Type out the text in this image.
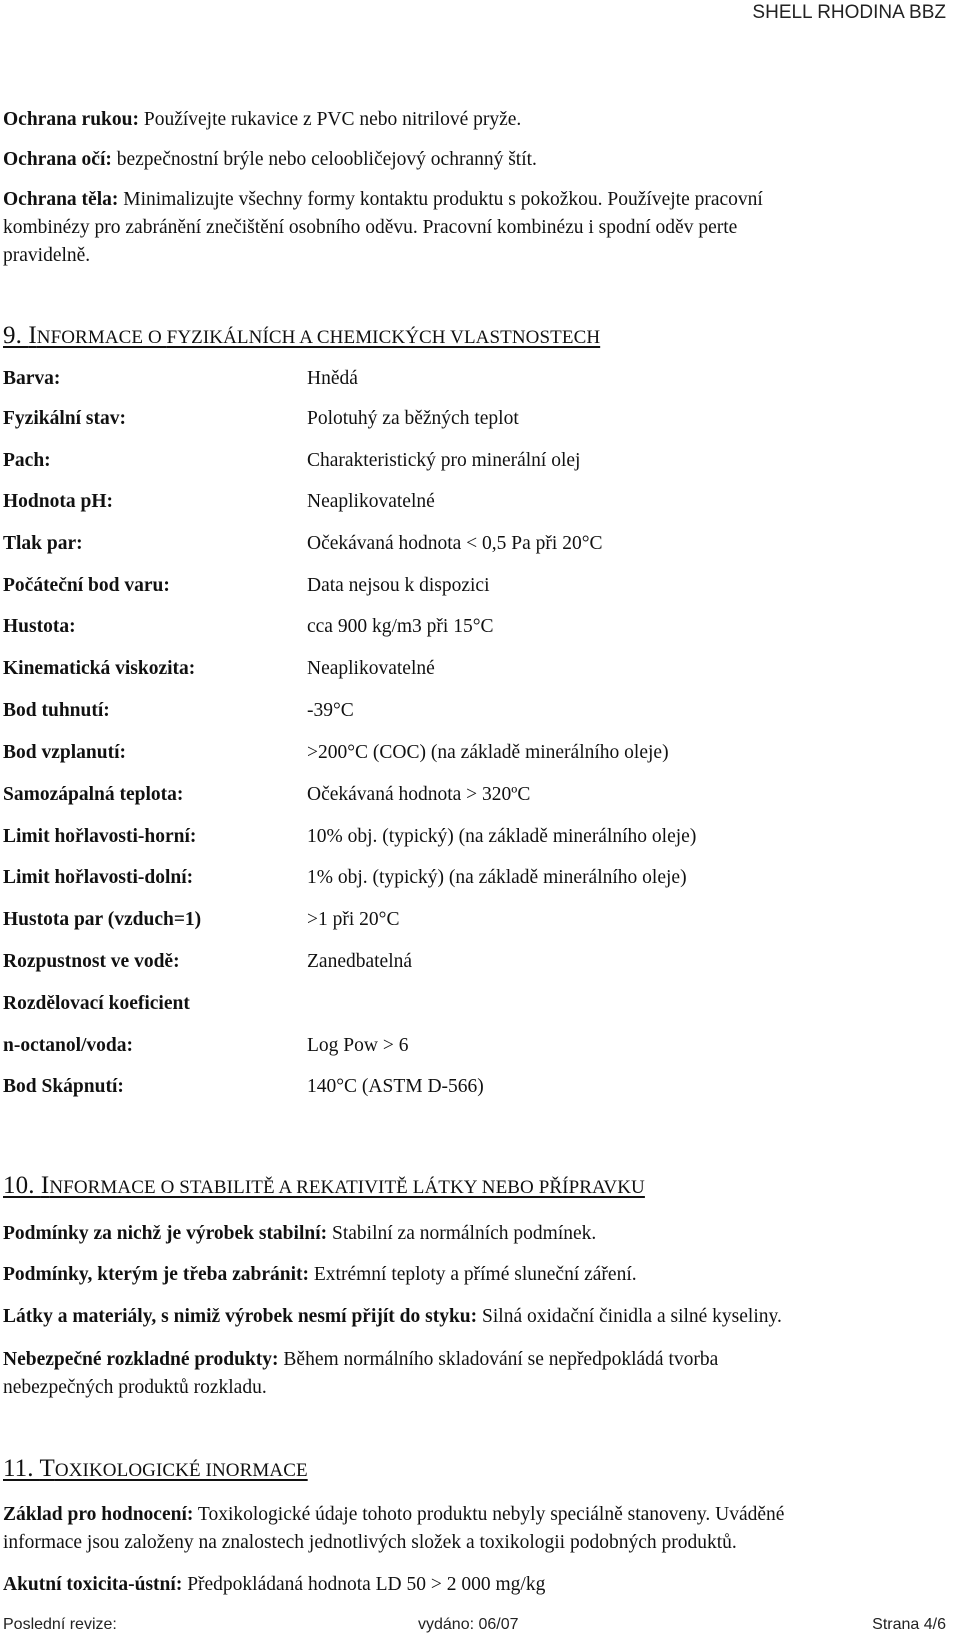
SHELL RHODINA BBZ
Ochrana rukou: Používejte rukavice z PVC nebo nitrilové pryže.
Ochrana očí: bezpečnostní brýle nebo celoobličejový ochranný štít.
Ochrana těla: Minimalizujte všechny formy kontaktu produktu s pokožkou. Používejte pracovní
kombinézy pro zabránění znečištění osobního oděvu. Pracovní kombinézu i spodní oděv perte
pravidelně.
9. INFORMACE O FYZIKÁLNÍCH A CHEMICKÝCH VLASTNOSTECH
Barva:	Hnědá
Fyzikální stav:	Polotuhý za běžných teplot
Pach:	Charakteristický pro minerální olej
Hodnota pH:	Neaplikovatelné
Tlak par:	Očekávaná hodnota < 0,5 Pa při 20°C
Počáteční bod varu:	Data nejsou k dispozici
Hustota:	cca 900 kg/m3 při 15°C
Kinematická viskozita:	Neaplikovatelné
Bod tuhnutí:	-39°C
Bod vzplanutí:	>200°C (COC) (na základě minerálního oleje)
Samozápalná teplota:	Očekávaná hodnota > 320ºC
Limit hořlavosti-horní:	10% obj. (typický) (na základě minerálního oleje)
Limit hořlavosti-dolní:	1% obj. (typický) (na základě minerálního oleje)
Hustota par (vzduch=1)	>1 při 20°C
Rozpustnost ve vodě:	Zanedbatelná
Rozdělovací koeficient
n-octanol/voda:	Log Pow > 6
Bod Skápnutí:	140°C (ASTM D-566)
10. INFORMACE O STABILITĚ A REKATIVITĚ LÁTKY NEBO PŘÍPRAVKU
Podmínky za nichž je výrobek stabilní: Stabilní za normálních podmínek.
Podmínky, kterým je třeba zabránit: Extrémní teploty a přímé sluneční záření.
Látky a materiály, s nimiž výrobek nesmí přijít do styku: Silná oxidační činidla a silné kyseliny.
Nebezpečné rozkladné produkty: Během normálního skladování se nepředpokládá tvorba
nebezpečných produktů rozkladu.
11. TOXIKOLOGICKÉ INORMACE
Základ pro hodnocení: Toxikologické údaje tohoto produktu nebyly speciálně stanoveny. Uváděné
informace jsou založeny na znalostech jednotlivých složek a toxikologii podobných produktů.
Akutní toxicita-ústní: Předpokládaná hodnota LD 50 > 2 000 mg/kg
Poslední revize:	vydáno: 06/07	Strana 4/6
